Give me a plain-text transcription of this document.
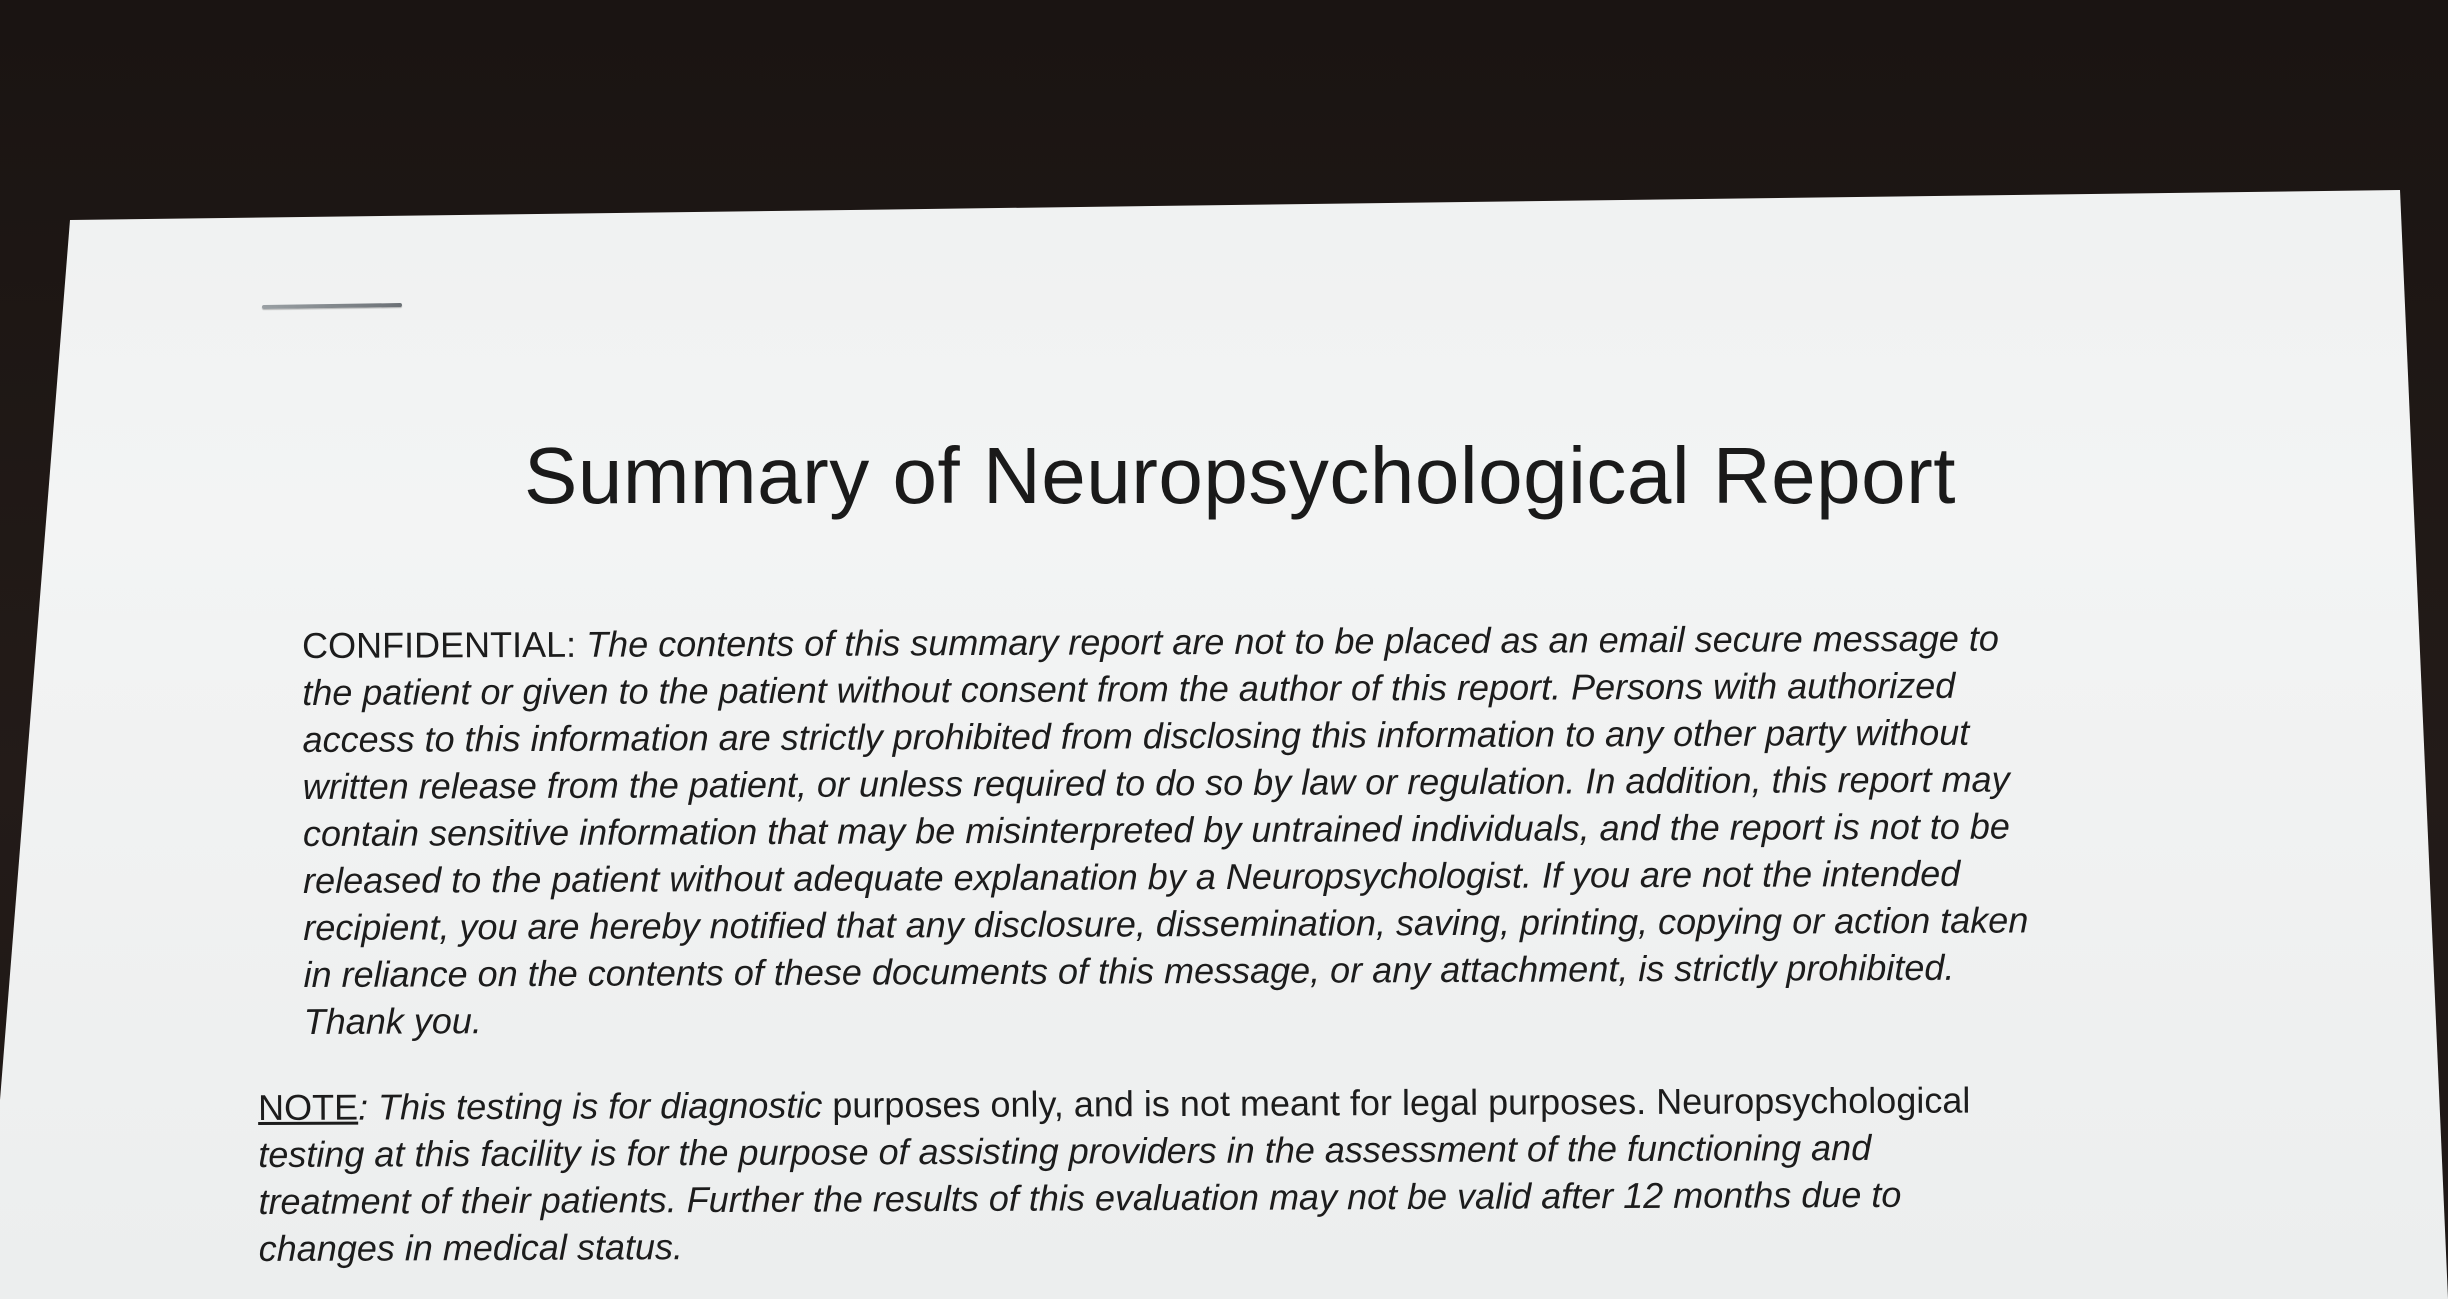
Summary of Neuropsychological Report
CONFIDENTIAL: The contents of this summary report are not to be placed as an email secure message to
the patient or given to the patient without consent from the author of this report. Persons with authorized
access to this information are strictly prohibited from disclosing this information to any other party without
written release from the patient, or unless required to do so by law or regulation. In addition, this report may
contain sensitive information that may be misinterpreted by untrained individuals, and the report is not to be
released to the patient without adequate explanation by a Neuropsychologist. If you are not the intended
recipient, you are hereby notified that any disclosure, dissemination, saving, printing, copying or action taken
in reliance on the contents of these documents of this message, or any attachment, is strictly prohibited.
Thank you.
NOTE: This testing is for diagnostic purposes only, and is not meant for legal purposes. Neuropsychological
testing at this facility is for the purpose of assisting providers in the assessment of the functioning and
treatment of their patients. Further the results of this evaluation may not be valid after 12 months due to
changes in medical status.
